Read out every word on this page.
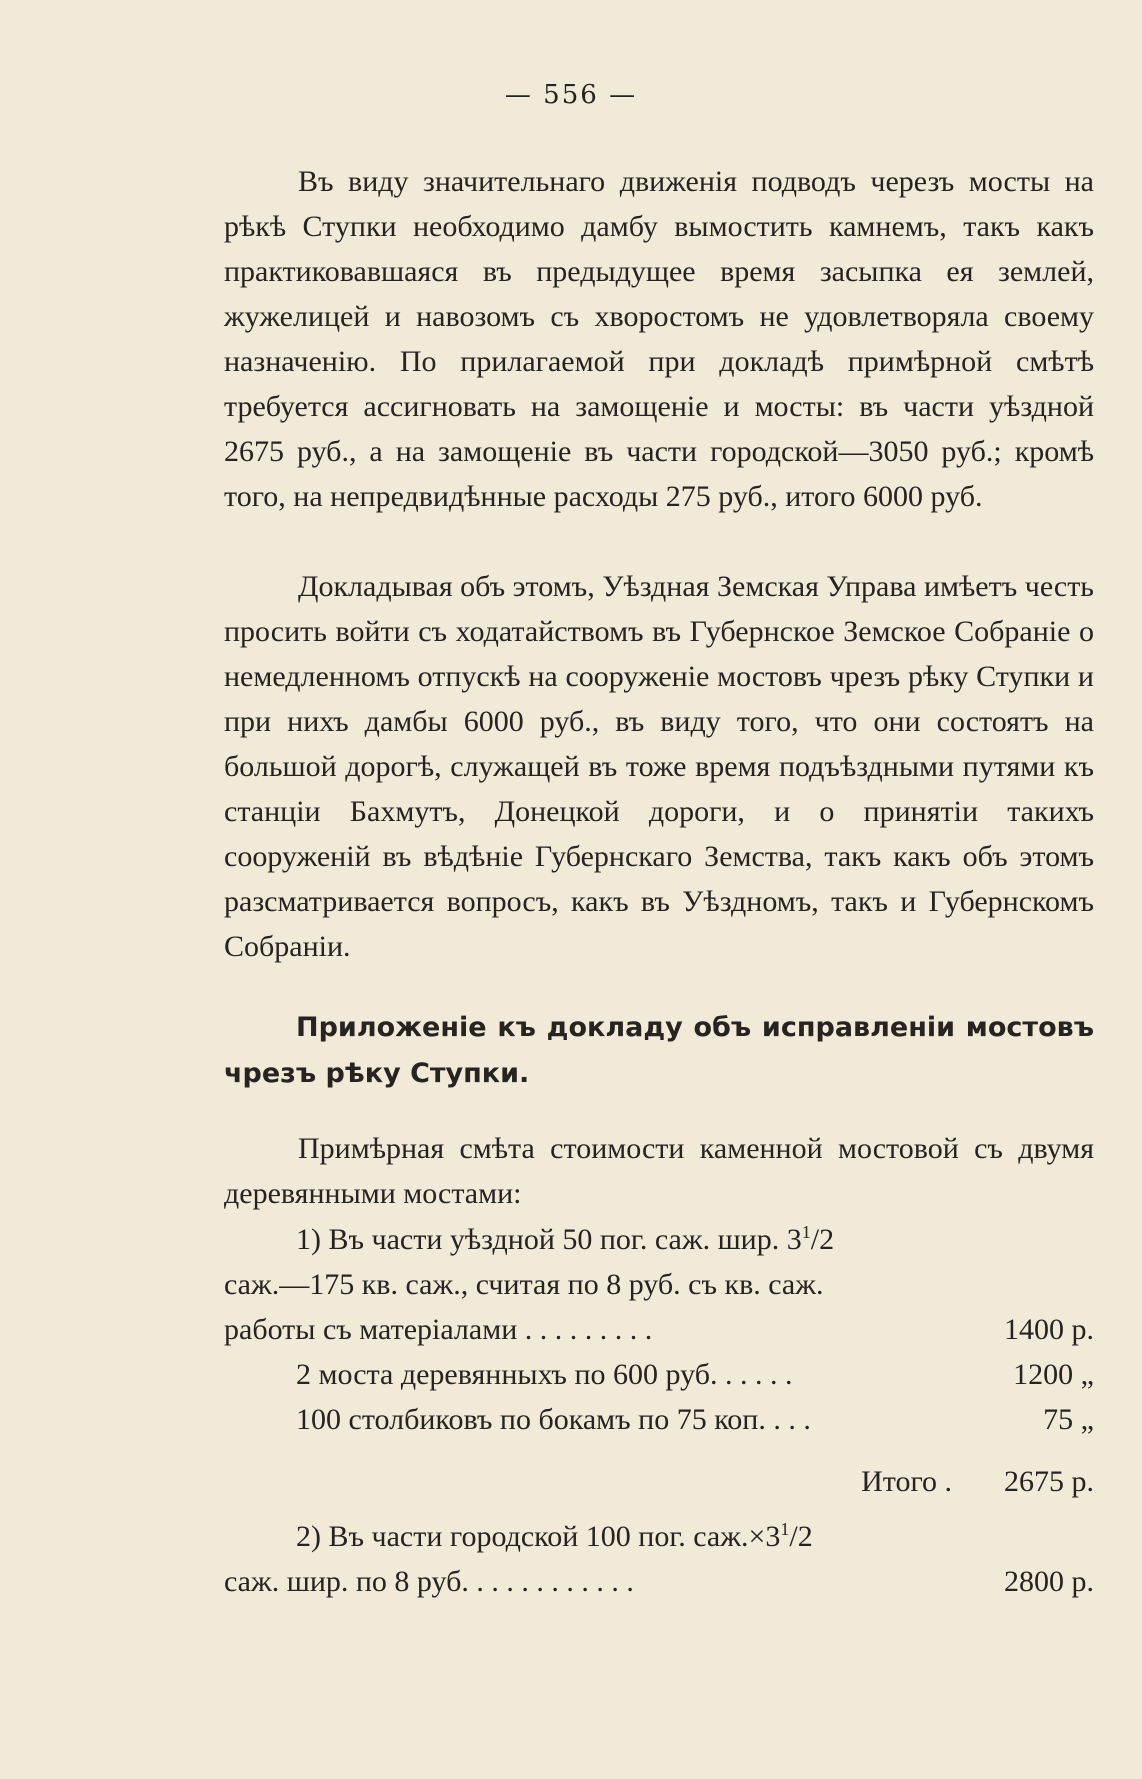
— 556 —

Въ виду значительнаго движенія подводъ черезъ мосты на рѣкѣ Ступки необходимо дамбу вымостить камнемъ, такъ какъ практиковавшаяся въ предыдущее время засыпка ея землей, жужелицей и навозомъ съ хворостомъ не удовлетворяла своему назначенію. По прилагаемой при докладѣ примѣрной смѣтѣ требуется ассигновать на замощеніе и мосты: въ части уѣздной 2675 руб., а на замощеніе въ части городской—3050 руб.; кромѣ того, на непредвидѣнные расходы 275 руб., итого 6000 руб.

Докладывая объ этомъ, Уѣздная Земская Управа имѣетъ честь просить войти съ ходатайствомъ въ Губернское Земское Собраніе о немедленномъ отпускѣ на сооруженіе мостовъ чрезъ рѣку Ступки и при нихъ дамбы 6000 руб., въ виду того, что они состоятъ на большой дорогѣ, служащей въ тоже время подъѣздными путями къ станціи Бахмутъ, Донецкой дороги, и о принятіи такихъ сооруженій въ вѣдѣніе Губернскаго Земства, такъ какъ объ этомъ разсматривается вопросъ, какъ въ Уѣздномъ, такъ и Губернскомъ Собраніи.

Приложеніе къ докладу объ исправленіи мостовъ чрезъ рѣку Ступки.

Примѣрная смѣта стоимости каменной мостовой съ двумя деревянными мостами:

1) Въ части уѣздной 50 пог. саж. шир. $3^1/2$
саж.—175 кв. саж., считая по 8 руб. съ кв. саж.
работы съ матеріалами . . . . . . . . .	1400 р.
2 моста деревянныхъ по 600 руб. . . . . .	1200 „
100 столбиковъ по бокамъ по 75 коп. . . .	75 „
Итого . 2675 р.
2) Въ части городской 100 пог. $саж.\times 3^1/2$
саж. шир. по 8 руб. . . . . . . . . . . .	2800 р.
